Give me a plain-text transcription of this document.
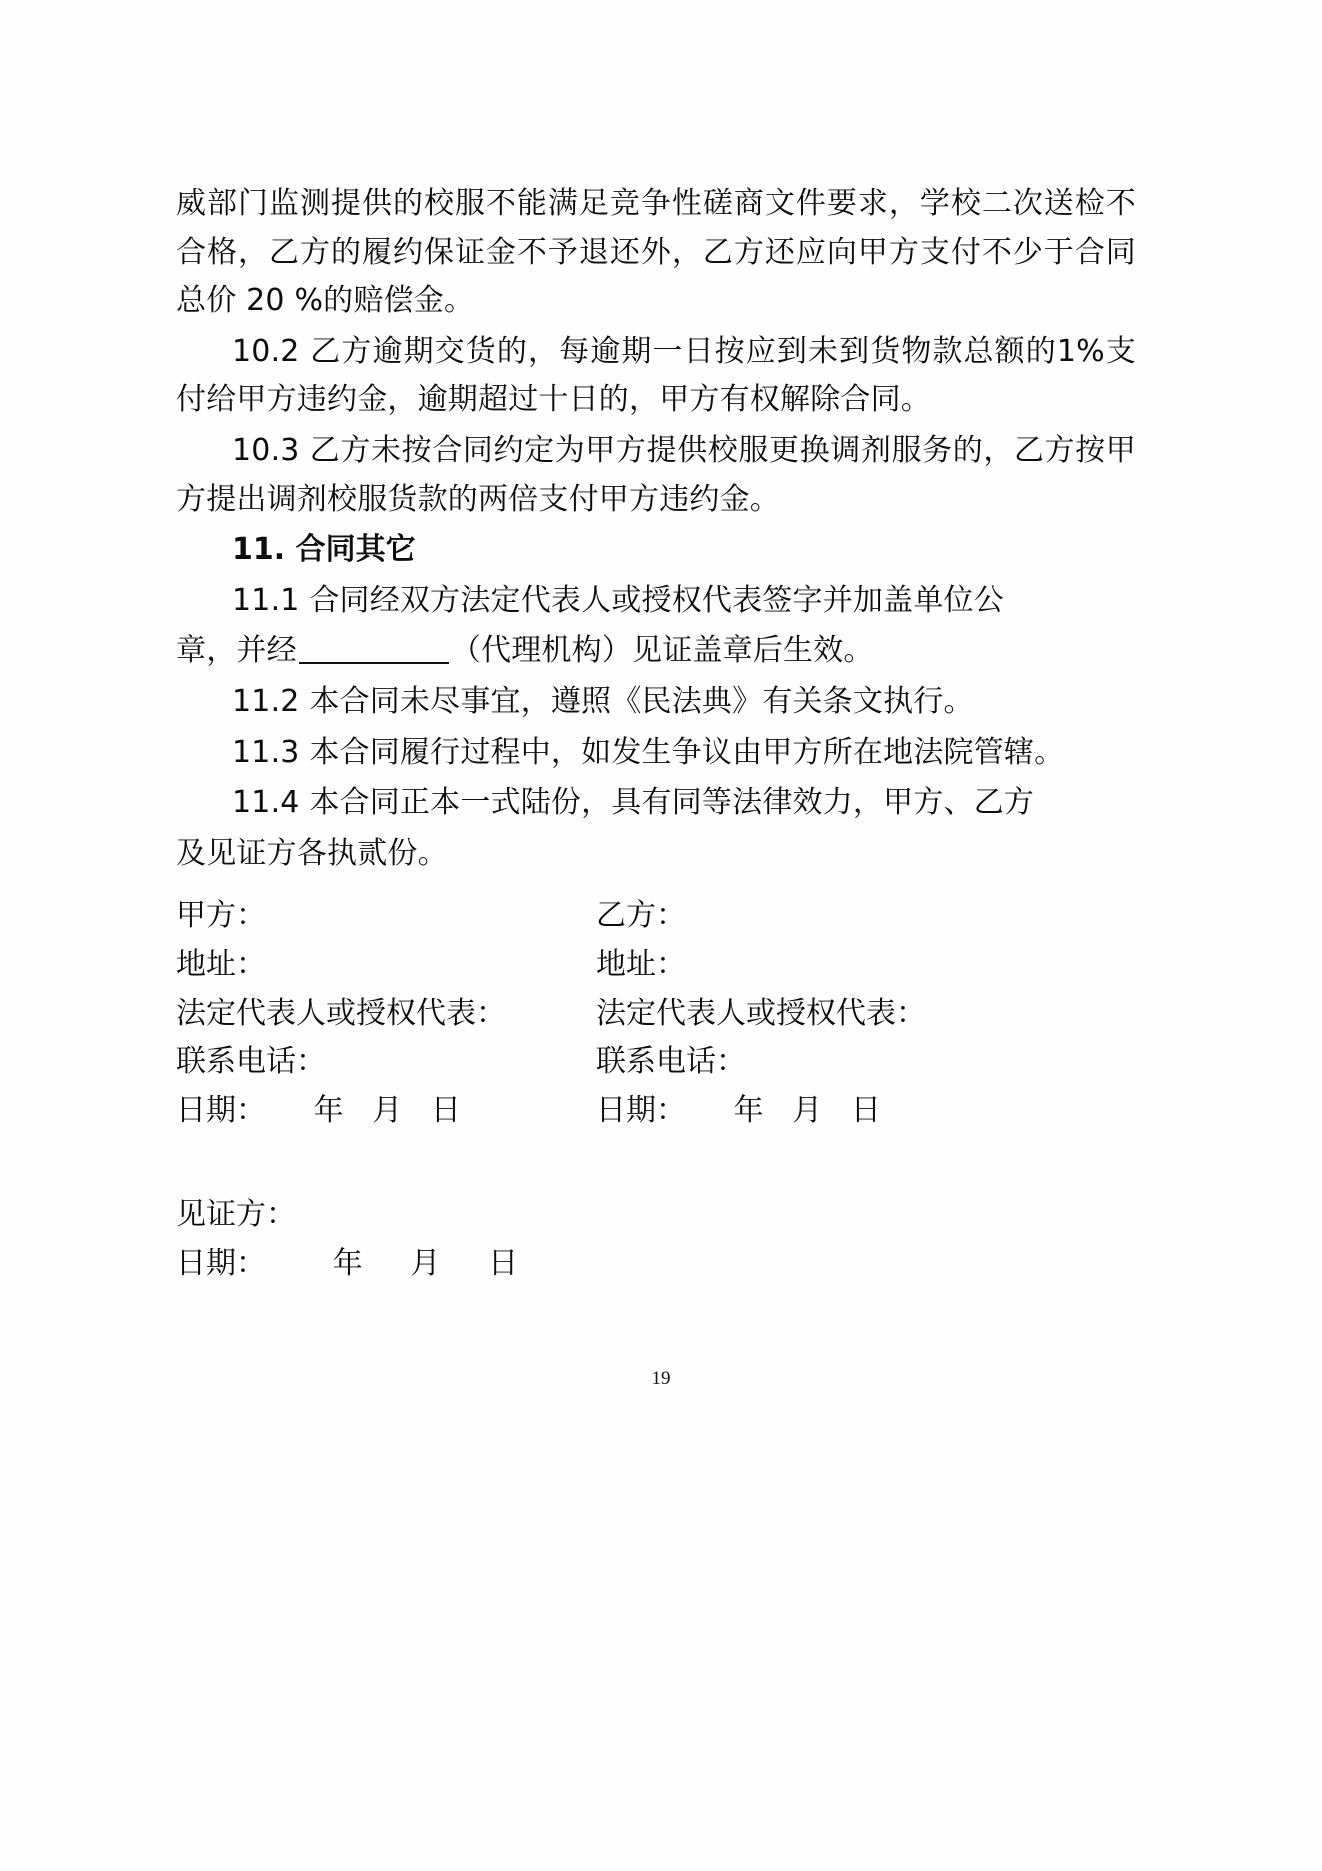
威部门监测提供的校服不能满足竞争性磋商文件要求，学校二次送检不合格，乙方的履约保证金不予退还外，乙方还应向甲方支付不少于合同总价 20 %的赔偿金。

10.2 乙方逾期交货的，每逾期一日按应到未到货物款总额的1%支付给甲方违约金，逾期超过十日的，甲方有权解除合同。

10.3 乙方未按合同约定为甲方提供校服更换调剂服务的，乙方按甲方提出调剂校服货款的两倍支付甲方违约金。

11. 合同其它

11.1 合同经双方法定代表人或授权代表签字并加盖单位公

章，并经	（代理机构）见证盖章后生效。

11.2 本合同未尽事宜，遵照《民法典》有关条文执行。

11.3 本合同履行过程中，如发生争议由甲方所在地法院管辖。

11.4 本合同正本一式陆份，具有同等法律效力，甲方、乙方

及见证方各执贰份。

甲方：	乙方：
地址：	地址：
法定代表人或授权代表：	法定代表人或授权代表：
联系电话：	联系电话：
日期：     年   月   日	日期：     年   月   日
见证方：
日期：       年     月     日
19
